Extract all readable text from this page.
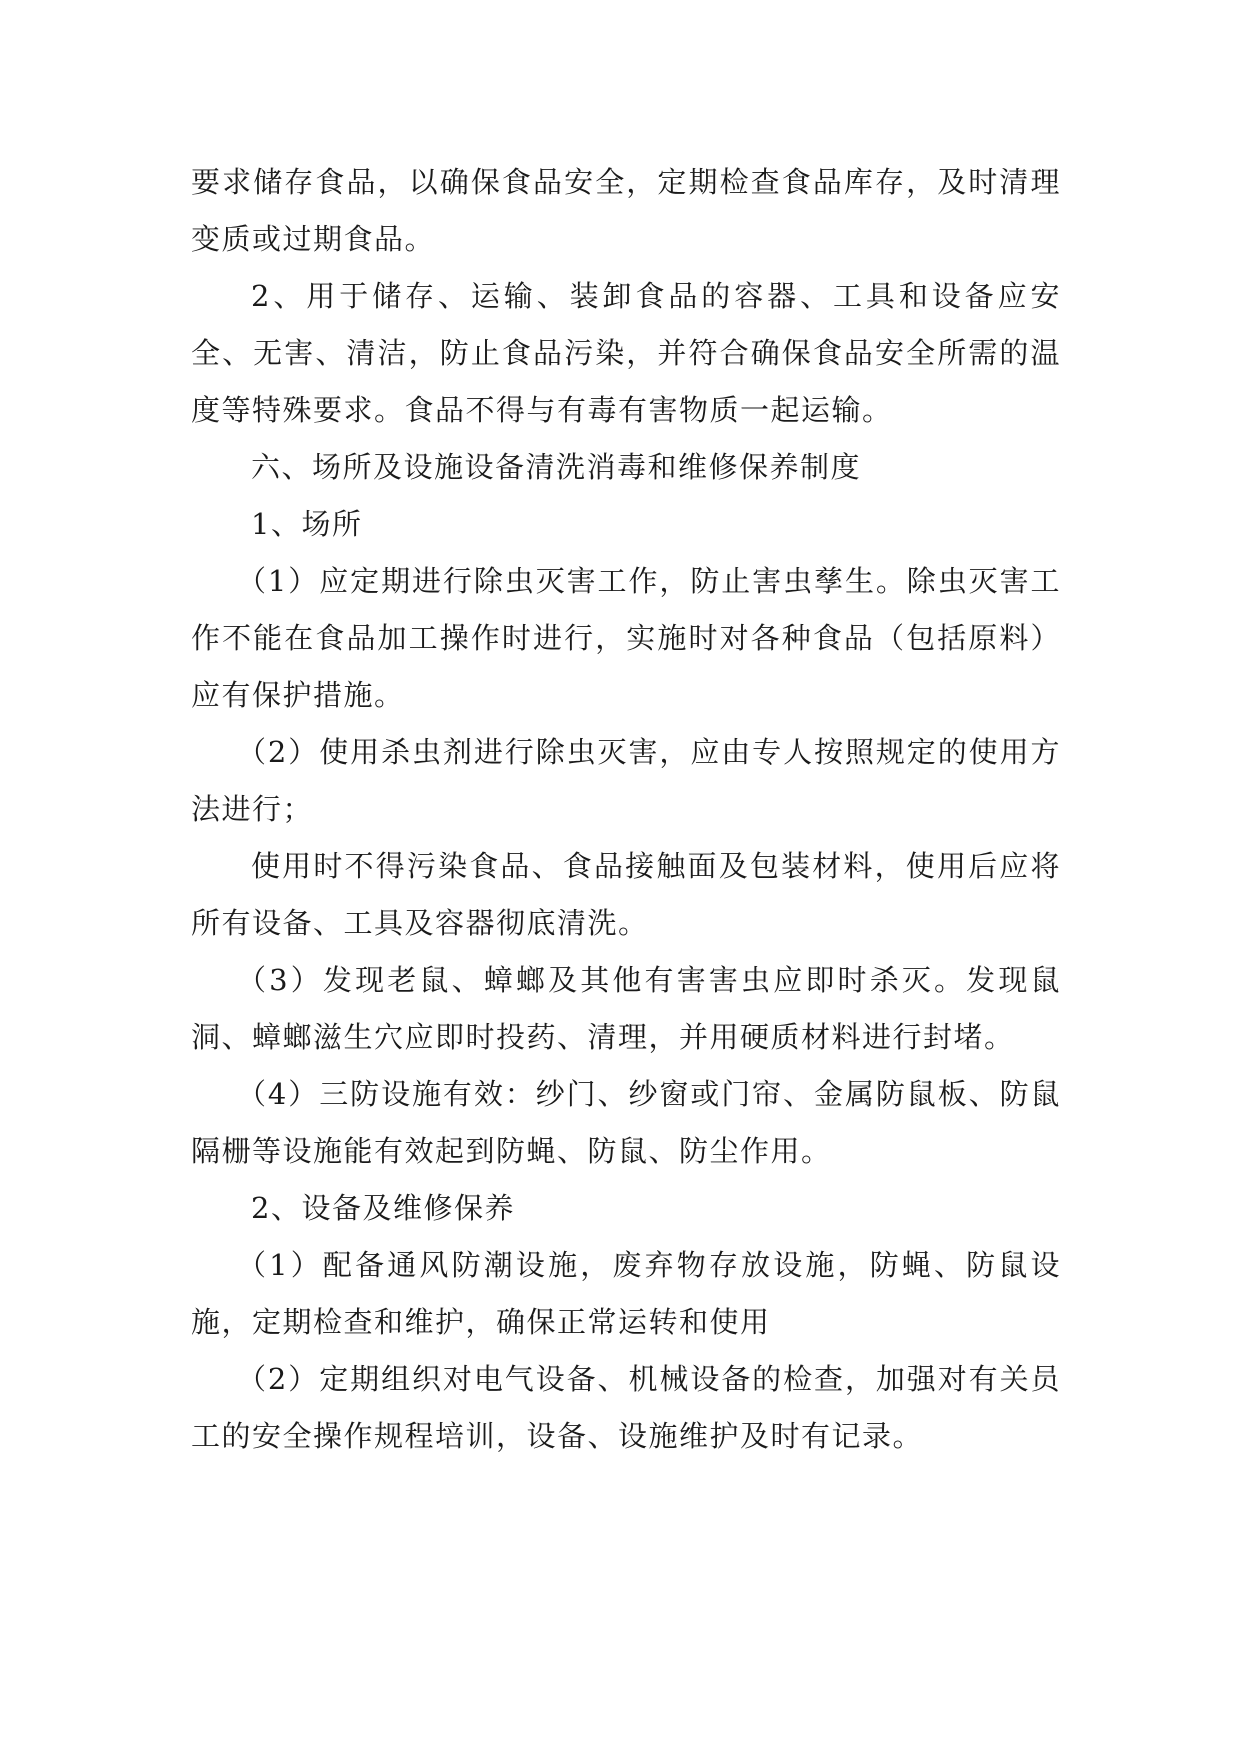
要求储存食品，以确保食品安全，定期检查食品库存，及时清理变质或过期食品。

2、用于储存、运输、装卸食品的容器、工具和设备应安全、无害、清洁，防止食品污染，并符合确保食品安全所需的温度等特殊要求。食品不得与有毒有害物质一起运输。

六、场所及设施设备清洗消毒和维修保养制度

1、场所

（1）应定期进行除虫灭害工作，防止害虫孳生。除虫灭害工作不能在食品加工操作时进行，实施时对各种食品（包括原料）应有保护措施。

（2）使用杀虫剂进行除虫灭害，应由专人按照规定的使用方法进行；

使用时不得污染食品、食品接触面及包装材料，使用后应将所有设备、工具及容器彻底清洗。

（3）发现老鼠、蟑螂及其他有害害虫应即时杀灭。发现鼠洞、蟑螂滋生穴应即时投药、清理，并用硬质材料进行封堵。

（4）三防设施有效：纱门、纱窗或门帘、金属防鼠板、防鼠隔栅等设施能有效起到防蝇、防鼠、防尘作用。

2、设备及维修保养

（1）配备通风防潮设施，废弃物存放设施，防蝇、防鼠设施，定期检查和维护，确保正常运转和使用

（2）定期组织对电气设备、机械设备的检查，加强对有关员工的安全操作规程培训，设备、设施维护及时有记录。
